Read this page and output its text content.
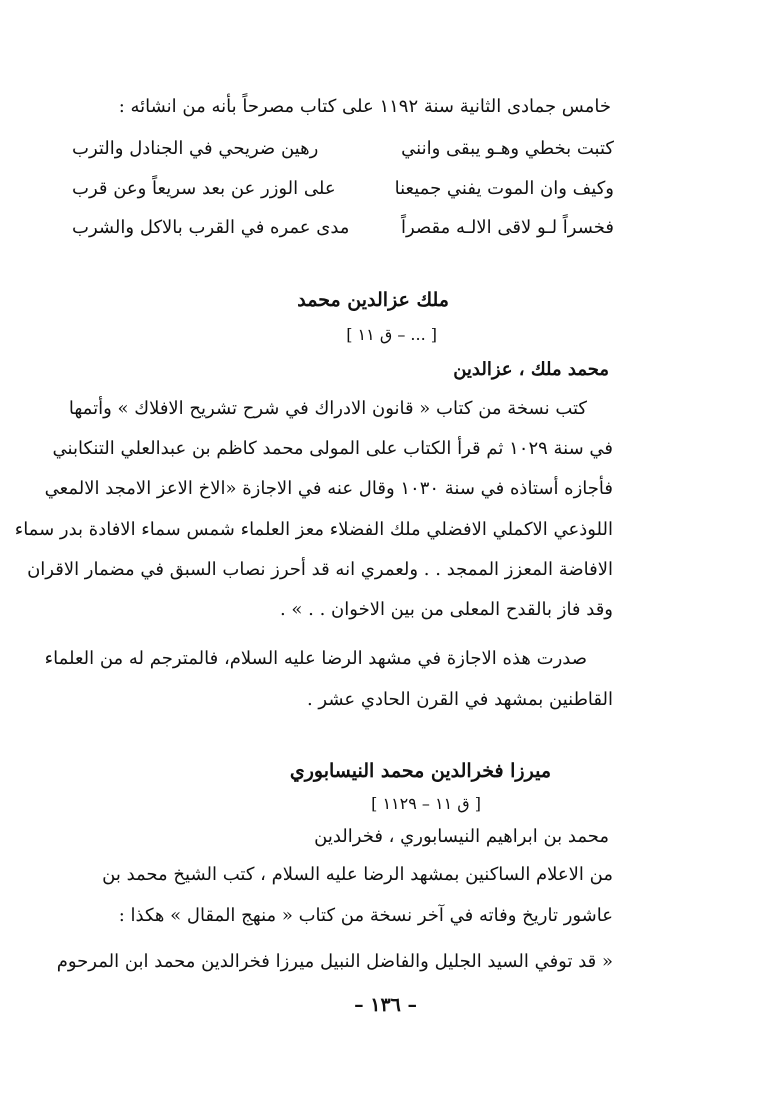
خامس جمادى الثانية سنة ١١٩٢ على كتاب مصرحاً بأنه من انشائه :
كتبت بخطي وهـو يبقى وانني
رهين ضريحي في الجنادل والترب
وكيف وان الموت يفني جميعنا
على الوزر عن بعد سريعاً وعن قرب
فخسراً لـو لاقى الالـه مقصراً
مدى عمره في القرب بالاكل والشرب
ملك عزالدين محمد
[ ... – ق ١١ ]
محمد ملك ، عزالدين
كتب نسخة من كتاب « قانون الادراك في شرح تشريح الافلاك » وأتمها
في سنة ١٠٢٩ ثم قرأ الكتاب على المولى محمد كاظم بن عبدالعلي التنكابني
فأجازه أستاذه في سنة ١٠٣٠ وقال عنه في الاجازة «الاخ الاعز الامجد الالمعي
اللوذعي الاكملي الافضلي ملك الفضلاء معز العلماء شمس سماء الافادة بدر سماء
الافاضة المعزز الممجد . . ولعمري انه قد أحرز نصاب السبق في مضمار الاقران
وقد فاز بالقدح المعلى من بين الاخوان . . » .
صدرت هذه الاجازة في مشهد الرضا عليه السلام، فالمترجم له من العلماء
القاطنين بمشهد في القرن الحادي عشر .
ميرزا فخرالدين محمد النيسابوري
[ ق ١١ – ١١٢٩ ]
محمد بن ابراهيم النيسابوري ، فخرالدين
من الاعلام الساكنين بمشهد الرضا عليه السلام ، كتب الشيخ محمد بن
عاشور تاريخ وفاته في آخر نسخة من كتاب « منهج المقال » هكذا :
« قد توفي السيد الجليل والفاضل النبيل ميرزا فخرالدين محمد ابن المرحوم
– ١٣٦ –
